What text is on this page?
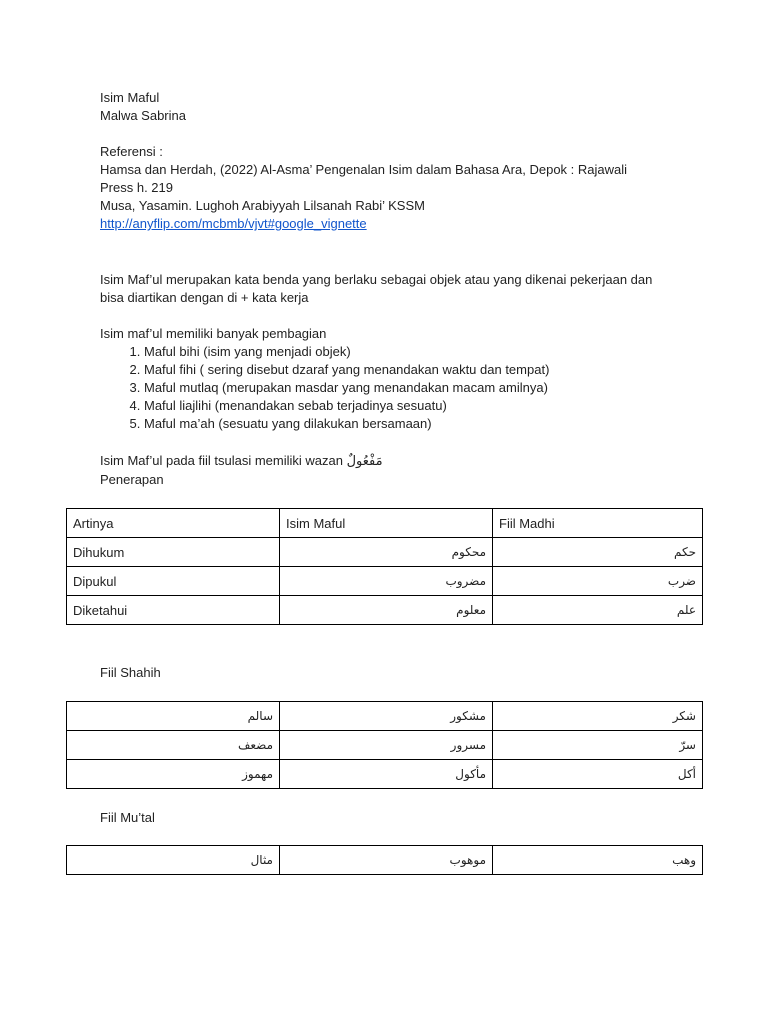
Isim Maful
Malwa Sabrina
Referensi :
Hamsa dan Herdah, (2022) Al-Asma’ Pengenalan Isim dalam Bahasa Ara, Depok : Rajawali
Press h. 219
Musa, Yasamin. Lughoh Arabiyyah Lilsanah Rabi’ KSSM
http://anyflip.com/mcbmb/vjvt#google_vignette
Isim Maf’ul merupakan kata benda yang berlaku sebagai objek atau yang dikenai pekerjaan dan
bisa diartikan dengan di + kata kerja
Isim maf’ul memiliki banyak pembagian
1. Maful bihi (isim yang menjadi objek)
2. Maful fihi ( sering disebut dzaraf yang menandakan waktu dan tempat)
3. Maful mutlaq (merupakan masdar yang menandakan macam amilnya)
4. Maful liajlihi (menandakan sebab terjadinya sesuatu)
5. Maful ma’ah (sesuatu yang dilakukan bersamaan)
Isim Maf’ul pada fiil tsulasi memiliki wazan مَفْعُولٌ
Penerapan
Artinya	Isim Maful	Fiil Madhi
Dihukum	محكوم	حكم
Dipukul	مضروب	ضرب
Diketahui	معلوم	علم
Fiil Shahih
سالم	مشكور	شكر
مضعف	مسرور	سرّ
مهموز	مأكول	أكل
Fiil Mu’tal
مثال	موهوب	وهب
